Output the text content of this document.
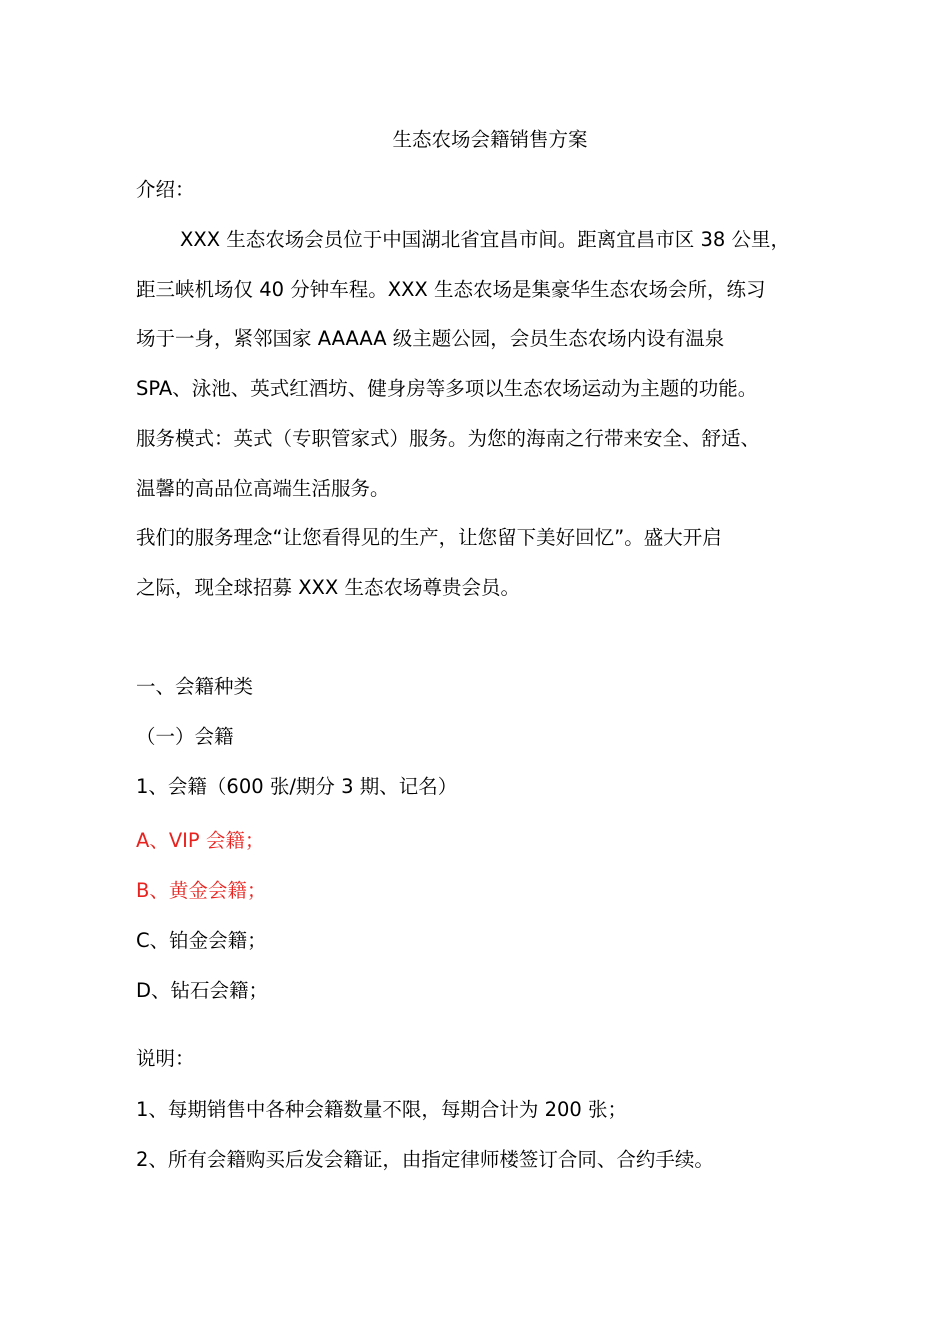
生态农场会籍销售方案
介绍：
XXX 生态农场会员位于中国湖北省宜昌市间。距离宜昌市区 38 公里，
距三峡机场仅 40 分钟车程。XXX 生态农场是集豪华生态农场会所，练习
场于一身，紧邻国家 AAAAA 级主题公园，会员生态农场内设有温泉
SPA、泳池、英式红酒坊、健身房等多项以生态农场运动为主题的功能。
服务模式：英式（专职管家式）服务。为您的海南之行带来安全、舒适、
温馨的高品位高端生活服务。
我们的服务理念“让您看得见的生产，让您留下美好回忆”。盛大开启
之际，现全球招募 XXX 生态农场尊贵会员。
一、会籍种类
（一）会籍
1、会籍（600 张/期分 3 期、记名）
A、VIP 会籍；
B、黄金会籍；
C、铂金会籍；
D、钻石会籍；
说明：
1、每期销售中各种会籍数量不限，每期合计为 200 张；
2、所有会籍购买后发会籍证，由指定律师楼签订合同、合约手续。
